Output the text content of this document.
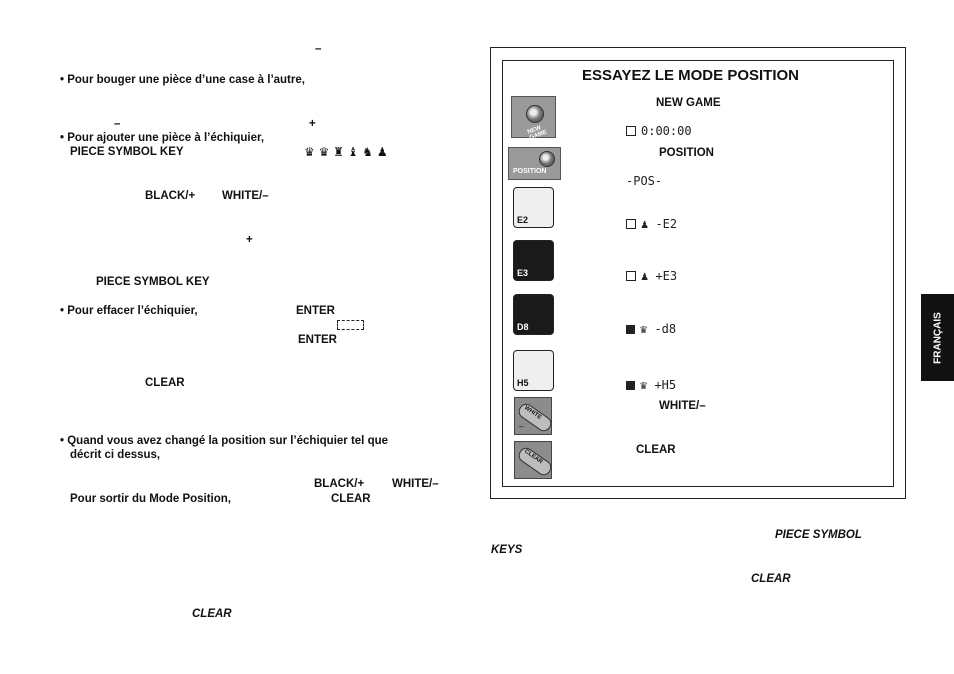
–
• Pour bouger une pièce d’une case à l’autre,
–	+
• Pour ajouter une pièce à l’échiquier,
PIECE SYMBOL KEY	♛ ♛ ♜ ♝ ♞ ♟
BLACK/+ WHITE/–
+
PIECE SYMBOL KEY
• Pour effacer l’échiquier,	ENTER
ENTER
CLEAR
• Quand vous avez changé la position sur l’échiquier tel que
décrit ci dessus,
BLACK/+ WHITE/–
Pour sortir du Mode Position,	CLEAR
CLEAR
ESSAYEZ LE MODE POSITION
NEW GAME
NEW GAME
0:00:00
POSITION
POSITION
-POS-
E2	♟ -E2
E3	♟ +E3
D8	♛ -d8
H5	♛ +H5
WHITE
–
WHITE/–
CLEAR	CLEAR
PIECE SYMBOL
KEYS
CLEAR
FRANÇAIS
